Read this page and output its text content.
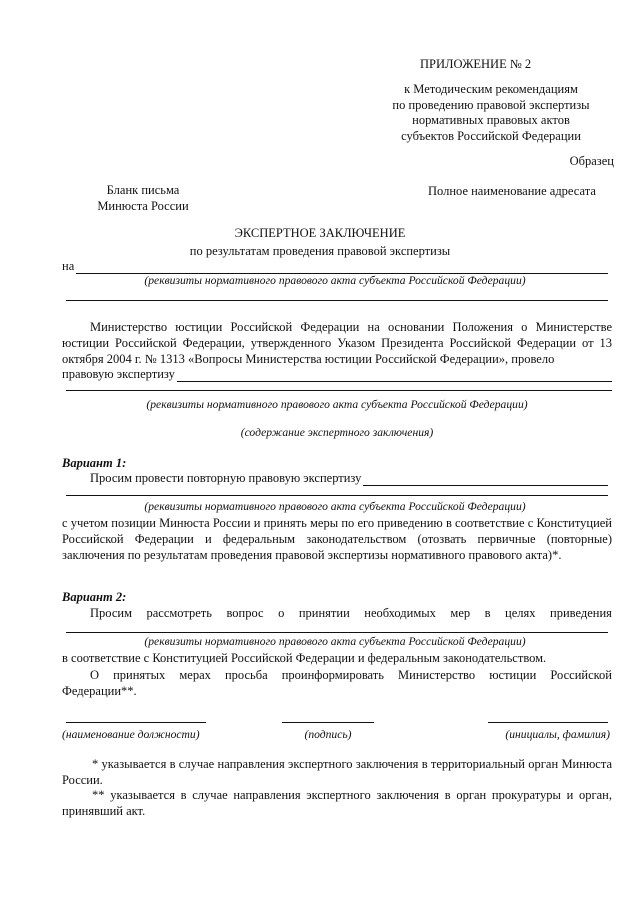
ПРИЛОЖЕНИЕ № 2
к Методическим рекомендациям
по проведению правовой экспертизы
нормативных правовых актов
субъектов Российской Федерации
Образец
Бланк письма
Минюста России
Полное наименование адресата
ЭКСПЕРТНОЕ ЗАКЛЮЧЕНИЕ
по результатам проведения правовой экспертизы
на
(реквизиты нормативного правового акта субъекта Российской Федерации)
Министерство юстиции Российской Федерации на основании Положения о Министерстве юстиции Российской Федерации, утвержденного Указом Президента Российской Федерации от 13 октября 2004 г. № 1313 «Вопросы Министерства юстиции Российской Федерации», провело
правовую экспертизу
(реквизиты нормативного правового акта субъекта Российской Федерации)
(содержание экспертного заключения)
Вариант 1:
Просим провести повторную правовую экспертизу
(реквизиты нормативного правового акта субъекта Российской Федерации)
с учетом позиции Минюста России и принять меры по его приведению в соответствие с Конституцией Российской Федерации и федеральным законодательством (отозвать первичные (повторные) заключения по результатам проведения правовой экспертизы нормативного правового акта)*.
Вариант 2:
Просим рассмотреть вопрос о принятии необходимых мер в целях приведения
(реквизиты нормативного правового акта субъекта Российской Федерации)
в соответствие с Конституцией Российской Федерации и федеральным законодательством.
О принятых мерах просьба проинформировать Министерство юстиции Российской Федерации**.
(наименование должности)	(подпись)	(инициалы, фамилия)
* указывается в случае направления экспертного заключения в территориальный орган Минюста России.
** указывается в случае направления экспертного заключения в орган прокуратуры и орган, принявший акт.
